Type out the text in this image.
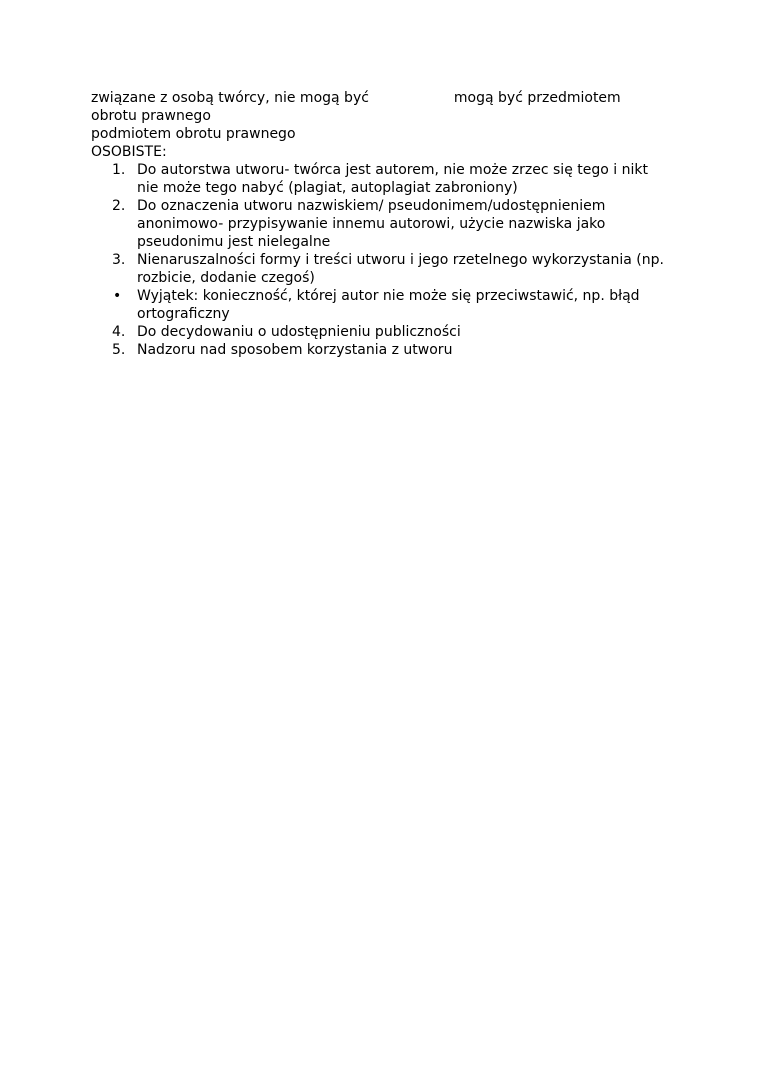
związane z osobą twórcy, nie mogą być	mogą być przedmiotem
obrotu prawnego
podmiotem obrotu prawnego
OSOBISTE:
1. Do autorstwa utworu- twórca jest autorem, nie może zrzec się tego i nikt
nie może tego nabyć (plagiat, autoplagiat zabroniony)
2. Do oznaczenia utworu nazwiskiem/ pseudonimem/udostępnieniem
anonimowo- przypisywanie innemu autorowi, użycie nazwiska jako
pseudonimu jest nielegalne
3. Nienaruszalności formy i treści utworu i jego rzetelnego wykorzystania (np.
rozbicie, dodanie czegoś)
•	Wyjątek: konieczność, której autor nie może się przeciwstawić, np. błąd
ortograficzny
4. Do decydowaniu o udostępnieniu publiczności
5. Nadzoru nad sposobem korzystania z utworu
